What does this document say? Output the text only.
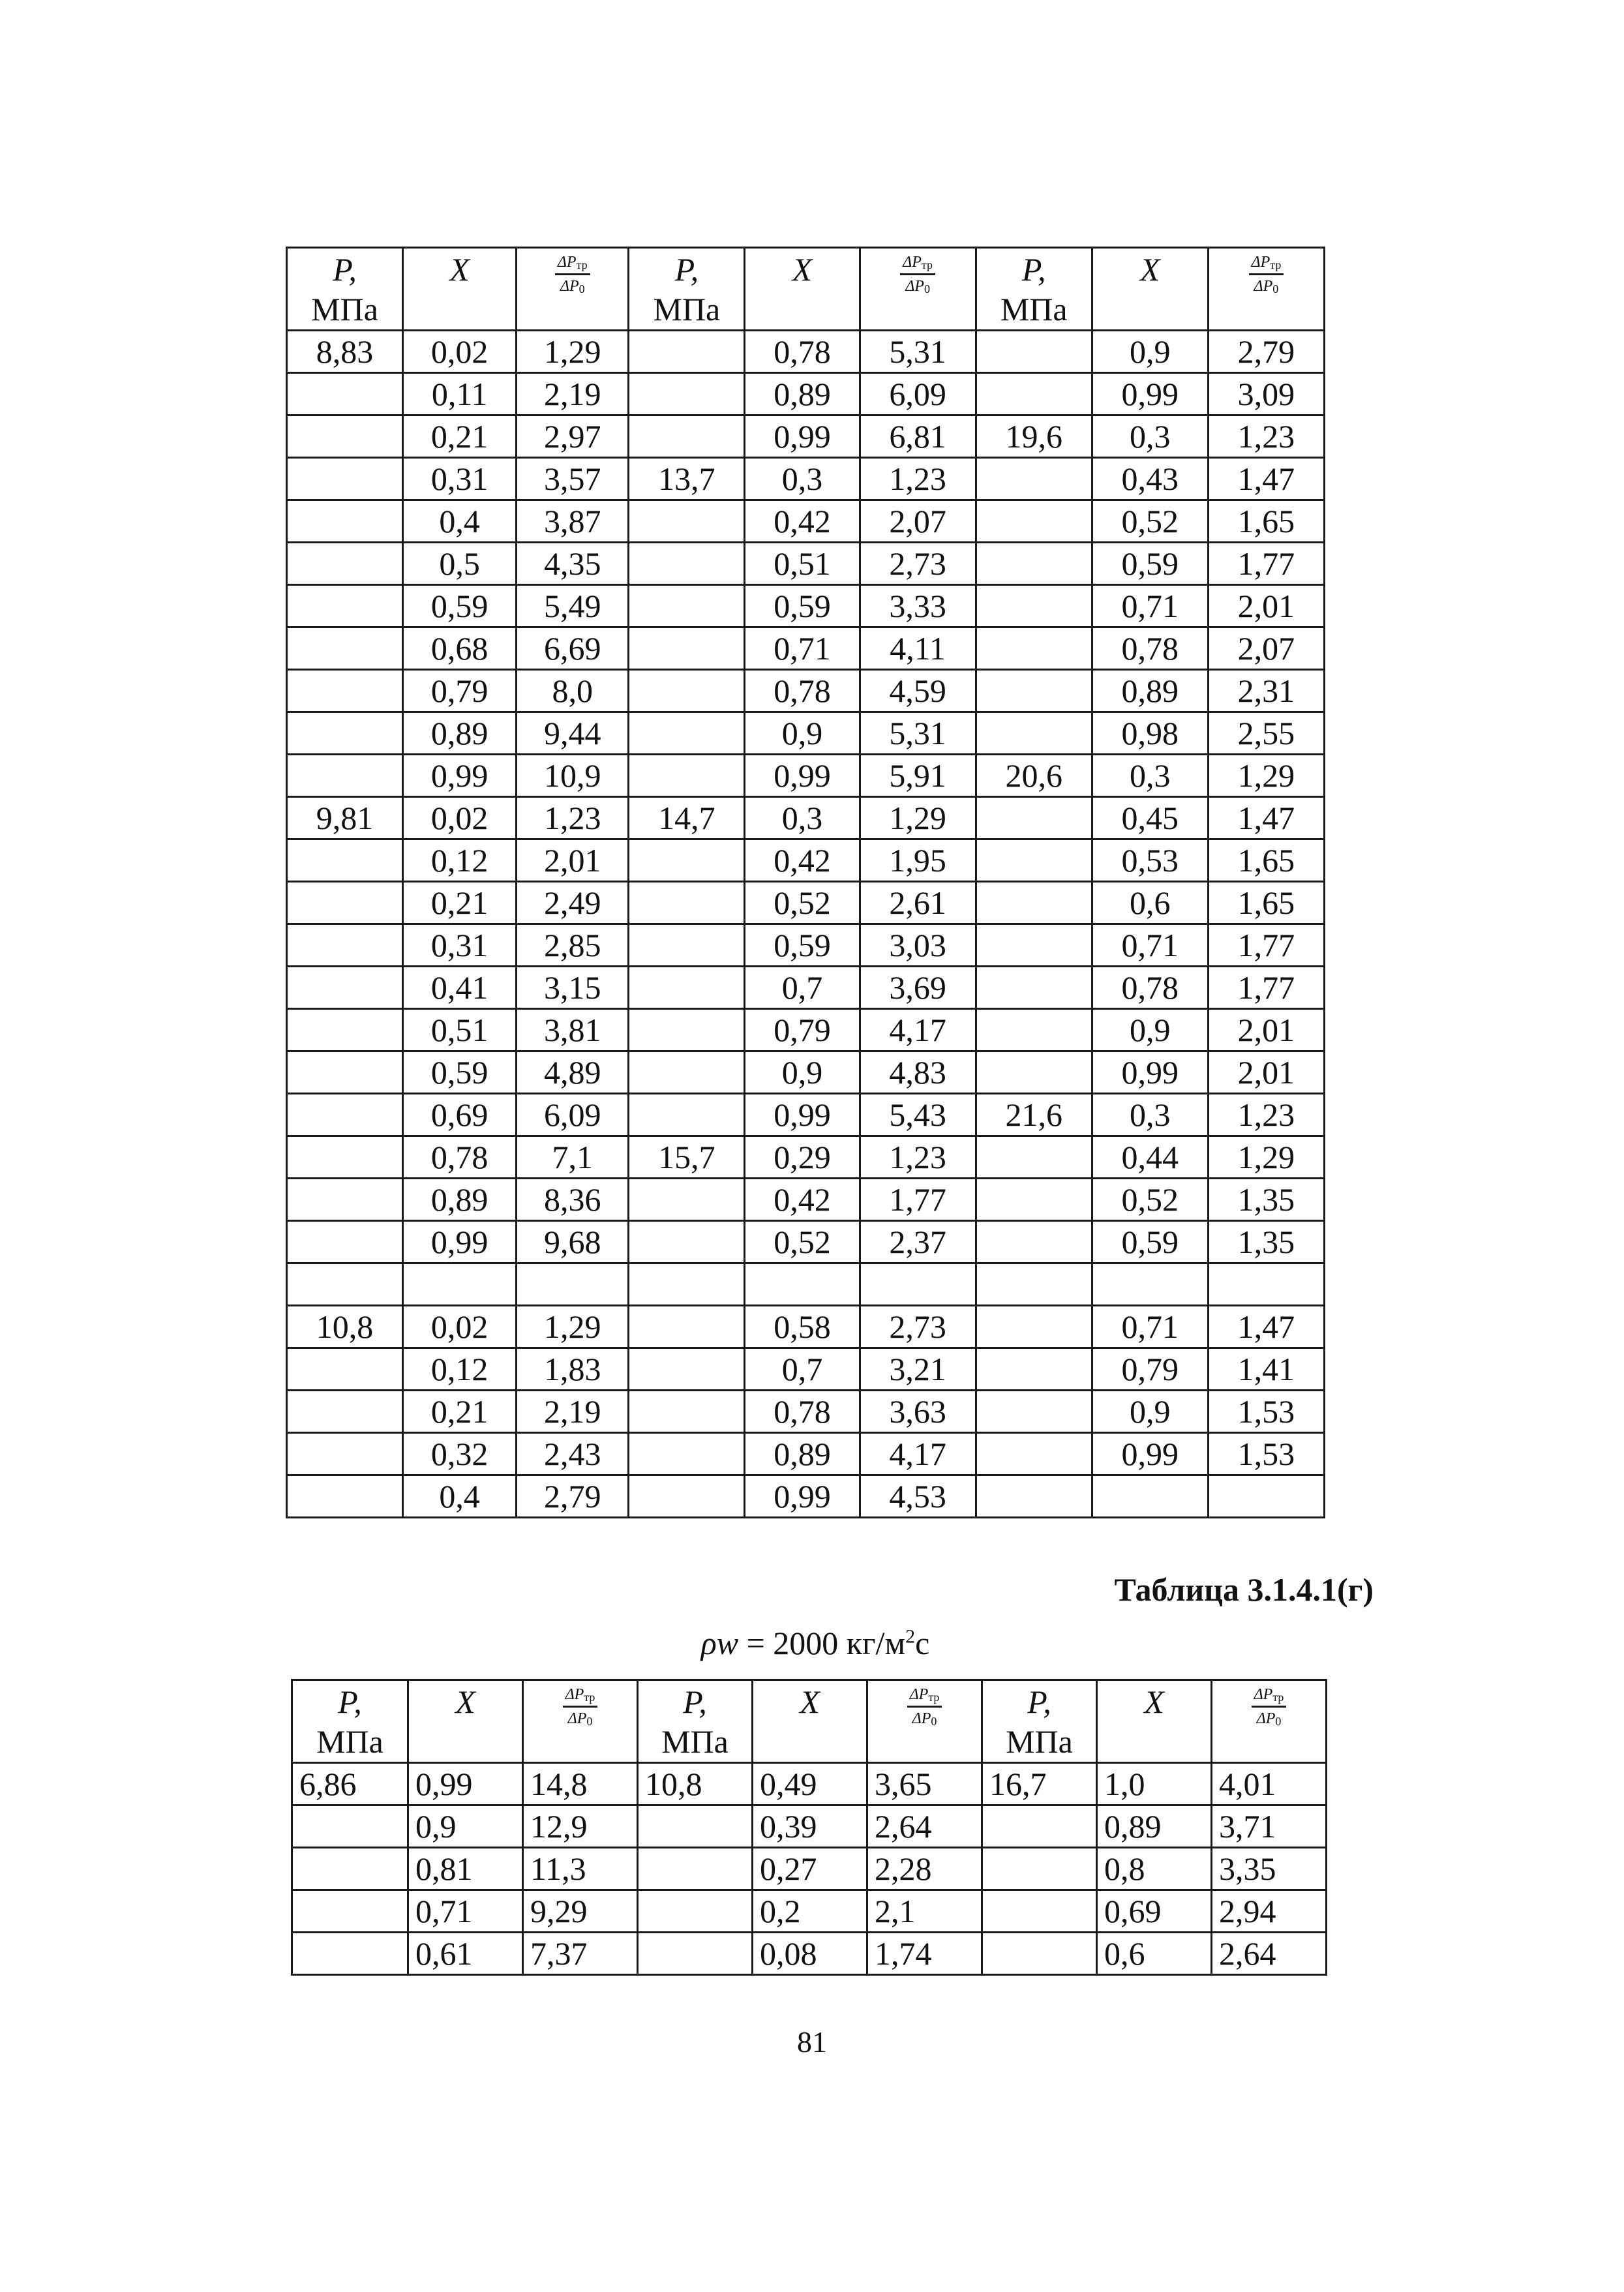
P,
МПа	X	$\frac{\Delta P_{тр}}{\Delta P_0}$	P,
МПа	X	$\frac{\Delta P_{тр}}{\Delta P_0}$	P,
МПа	X	$\frac{\Delta P_{тр}}{\Delta P_0}$

8,83	0,02	1,29		0,78	5,31		0,9	2,79
	0,11	2,19		0,89	6,09		0,99	3,09
	0,21	2,97		0,99	6,81	19,6	0,3	1,23
	0,31	3,57	13,7	0,3	1,23		0,43	1,47
	0,4	3,87		0,42	2,07		0,52	1,65
	0,5	4,35		0,51	2,73		0,59	1,77
	0,59	5,49		0,59	3,33		0,71	2,01
	0,68	6,69		0,71	4,11		0,78	2,07
	0,79	8,0		0,78	4,59		0,89	2,31
	0,89	9,44		0,9	5,31		0,98	2,55
	0,99	10,9		0,99	5,91	20,6	0,3	1,29
9,81	0,02	1,23	14,7	0,3	1,29		0,45	1,47
	0,12	2,01		0,42	1,95		0,53	1,65
	0,21	2,49		0,52	2,61		0,6	1,65
	0,31	2,85		0,59	3,03		0,71	1,77
	0,41	3,15		0,7	3,69		0,78	1,77
	0,51	3,81		0,79	4,17		0,9	2,01
	0,59	4,89		0,9	4,83		0,99	2,01
	0,69	6,09		0,99	5,43	21,6	0,3	1,23
	0,78	7,1	15,7	0,29	1,23		0,44	1,29
	0,89	8,36		0,42	1,77		0,52	1,35
	0,99	9,68		0,52	2,37		0,59	1,35

10,8	0,02	1,29		0,58	2,73		0,71	1,47
	0,12	1,83		0,7	3,21		0,79	1,41
	0,21	2,19		0,78	3,63		0,9	1,53
	0,32	2,43		0,89	4,17		0,99	1,53
	0,4	2,79		0,99	4,53			
Таблица 3.1.4.1(г)
ρw = 2000 $кг/м^2с$
P,
МПа	X	$\frac{\Delta P_{тр}}{\Delta P_0}$	P,
МПа	X	$\frac{\Delta P_{тр}}{\Delta P_0}$	P,
МПа	X	$\frac{\Delta P_{тр}}{\Delta P_0}$

6,86	0,99	14,8	10,8	0,49	3,65	16,7	1,0	4,01
	0,9	12,9		0,39	2,64		0,89	3,71
	0,81	11,3		0,27	2,28		0,8	3,35
	0,71	9,29		0,2	2,1		0,69	2,94
	0,61	7,37		0,08	1,74		0,6	2,64
81
